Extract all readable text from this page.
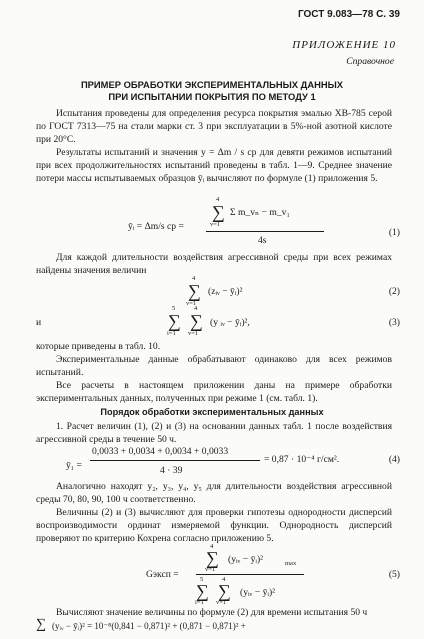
ГОСТ 9.083—78 С. 39
ПРИЛОЖЕНИЕ 10
Справочное
ПРИМЕР ОБРАБОТКИ ЭКСПЕРИМЕНТАЛЬНЫХ ДАННЫХ
ПРИ ИСПЫТАНИИ ПОКРЫТИЯ ПО МЕТОДУ 1
Испытания проведены для определения ресурса покрытия эмалью ХВ-785 серой по ГОСТ 7313—75 на стали марки ст. 3 при эксплуатации в 5%-ной азотной кислоте при 20°C.
Результаты испытаний и значения y = Δm / s ср для девяти режимов испытаний при всех продолжительностях испытаний проведены в табл. 1—9. Среднее значение потери массы испытываемых образцов ȳᵢ вычисляют по формуле (1) приложения 5.
ȳᵢ = Δm/s ср =
4
∑
v=1
Σ m_vₙ − m_v₁
4s
(1)
Для каждой длительности воздействия агрессивной среды при всех режимах найдены значения величин
4
∑
v=1
(zᵢᵥ − ȳᵢ)²	(2)
и
5
∑
i=1
4
∑
v=1
(y ᵢᵥ − ȳᵢ)²,	(3)
которые приведены в табл. 10.
Экспериментальные данные обрабатывают одинаково для всех режимов испытаний.
Все расчеты в настоящем приложении даны на примере обработки экспериментальных данных, полученных при режиме 1 (см. табл. 1).
Порядок обработки экспериментальных данных
1. Расчет величин (1), (2) и (3) на основании данных табл. 1 после воздействия агрессивной среды в течение 50 ч.
ȳ₁ =
0,0033 + 0,0034 + 0,0034 + 0,0033
4 · 39
= 0,87 · 10⁻⁴ г/см².	(4)
Аналогично находят y₂, y₃, y₄, y₅ для длительности воздействия агрессивной среды 70, 80, 90, 100 ч соответственно.
Величины (2) и (3) вычисляют для проверки гипотезы однородности дисперсий воспроизводимости ординат измеряемой функции. Однородность дисперсий проверяют по критерию Кохрена согласно приложению 5.
Gэксп =
4
∑
v=1
(yᵢᵥ − ȳᵢ)²	max
5
∑
i=1
4
∑
v=1
(yᵢᵥ − ȳᵢ)²
(5)
Вычисляют значение величины по формуле (2) для времени испытания 50 ч
∑ (yᵢᵥ − ȳᵢ)² = 10⁻⁸(0,841 − 0,871)² + (0,871 − 0,871)² +
